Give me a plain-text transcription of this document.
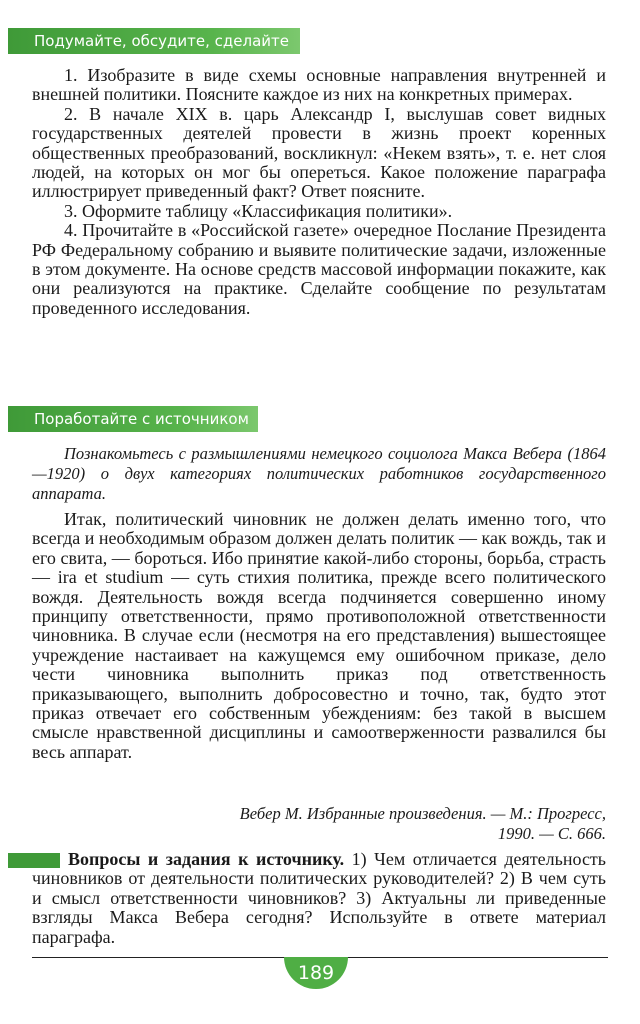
Подумайте, обсудите, сделайте

1. Изобразите в виде схемы основные направления внутренней и внешней политики. Поясните каждое из них на конкретных примерах.

2. В начале XIX в. царь Александр I, выслушав совет видных государственных деятелей провести в жизнь проект коренных общественных преобразований, воскликнул: «Некем взять», т. е. нет слоя людей, на которых он мог бы опереться. Какое положение параграфа иллюстрирует приведенный факт? Ответ поясните.

3. Оформите таблицу «Классификация политики».

4. Прочитайте в «Российской газете» очередное Послание Президента РФ Федеральному собранию и выявите политические задачи, изложенные в этом документе. На основе средств массовой информации покажите, как они реализуются на практике. Сделайте сообщение по результатам проведенного исследования.

Поработайте с источником

Познакомьтесь с размышлениями немецкого социолога Макса Вебера (1864—1920) о двух категориях политических работников государственного аппарата.

Итак, политический чиновник не должен делать именно того, что всегда и необходимым образом должен делать политик — как вождь, так и его свита, — бороться. Ибо принятие какой-либо стороны, борьба, страсть — ira et studium — суть стихия политика, прежде всего политического вождя. Деятельность вождя всегда подчиняется совершенно иному принципу ответственности, прямо противоположной ответственности чиновника. В случае если (несмотря на его представления) вышестоящее учреждение настаивает на кажущемся ему ошибочном приказе, дело чести чиновника выполнить приказ под ответственность приказывающего, выполнить добросовестно и точно, так, будто этот приказ отвечает его собственным убеждениям: без такой в высшем смысле нравственной дисциплины и самоотверженности развалился бы весь аппарат.

Вебер М. Избранные произведения. — М.: Прогресс,
1990. — С. 666.

Вопросы и задания к источнику. 1) Чем отличается деятельность чиновников от деятельности политических руководителей? 2) В чем суть и смысл ответственности чиновников? 3) Актуальны ли приведенные взгляды Макса Вебера сегодня? Используйте в ответе материал параграфа.

189
